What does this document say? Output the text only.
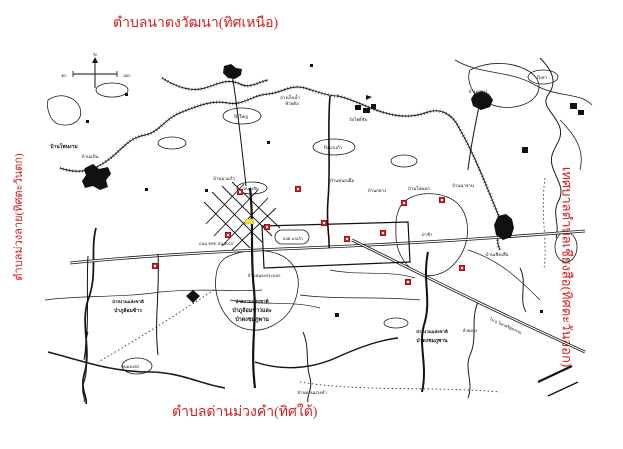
ตำบลนาตงวัฒนา(ทิศเหนือ)
ตำบลด่านม่วงคำ(ทิศใต้)
ตำบลม่วงลาย(ทิศตะวันตก)	เทศบาลตำบลเชียงสือ(ทิศตะวันออก)
บ้านโพนงาม
บ้านแป้น
อ่างเก็บน้ำ
ห้วยค้อ
บึงใหญ่
บึงนาแก้ว
หนองสิม
บ้านนาแก้ว	บ้านหนองผือ
บ้านกลาง	บ้านโพนบก
บ้านนาจาน
ป่าช้า
บ้านเชียงสือ
บ้านท่าแร่
วัดโพธิ์ชัย
บึงสา
หนองแซง
บ้านด่านม่วงคำ
อบต.นาแก้ว
ถนน รพช. สน 3024
บ้านหนองกระบอก
ห้วยยาง	ไป อ.โคกศรีสุพรรณ
ป่าสงวนแห่งชาติ
ป่าภูล้อมข้าวและ
ป่าดงชมภูพาน
ป่าสงวนแห่งชาติ
ป่าภูล้อมข้าว
ป่าสงวนแห่งชาติ
ป่าดงชมภูพาน
N
ตก	ออก
